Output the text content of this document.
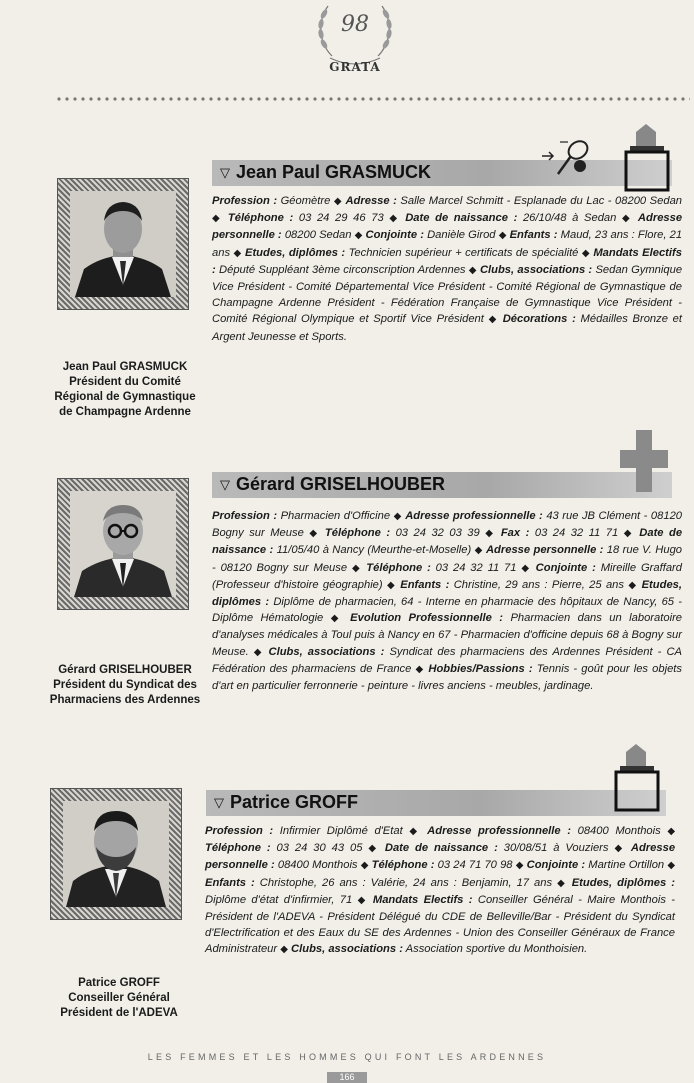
98
GRATA
Jean Paul GRASMUCK
Président du Comité
Régional de Gymnastique
de Champagne Ardenne
▽ Jean Paul GRASMUCK
Profession : Géomètre ◆ Adresse : Salle Marcel Schmitt - Esplanade du Lac - 08200 Sedan ◆ Téléphone : 03 24 29 46 73 ◆ Date de naissance : 26/10/48 à Sedan ◆ Adresse personnelle : 08200 Sedan ◆ Conjointe : Danièle Girod ◆ Enfants : Maud, 23 ans : Flore, 21 ans ◆ Etudes, diplômes : Technicien supérieur + certificats de spécialité ◆ Mandats Electifs : Député Suppléant 3ème circonscription Ardennes ◆ Clubs, associations : Sedan Gymnique Vice Président - Comité Départemental Vice Président - Comité Régional de Gymnastique de Champagne Ardenne Président - Fédération Française de Gymnastique Vice Président - Comité Régional Olympique et Sportif Vice Président ◆ Décorations : Médailles Bronze et Argent Jeunesse et Sports.
Gérard GRISELHOUBER
Président du Syndicat des
Pharmaciens des Ardennes
▽ Gérard GRISELHOUBER
Profession : Pharmacien d'Officine ◆ Adresse professionnelle : 43 rue JB Clément - 08120 Bogny sur Meuse ◆ Téléphone : 03 24 32 03 39 ◆ Fax : 03 24 32 11 71 ◆ Date de naissance : 11/05/40 à Nancy (Meurthe-et-Moselle) ◆ Adresse personnelle : 18 rue V. Hugo - 08120 Bogny sur Meuse ◆ Téléphone : 03 24 32 11 71 ◆ Conjointe : Mireille Graffard (Professeur d'histoire géographie) ◆ Enfants : Christine, 29 ans : Pierre, 25 ans ◆ Etudes, diplômes : Diplôme de pharmacien, 64 - Interne en pharmacie des hôpitaux de Nancy, 65 - Diplôme Hématologie ◆ Evolution Professionnelle : Pharmacien dans un laboratoire d'analyses médicales à Toul puis à Nancy en 67 - Pharmacien d'officine depuis 68 à Bogny sur Meuse. ◆ Clubs, associations : Syndicat des pharmaciens des Ardennes Président - CA Fédération des pharmaciens de France ◆ Hobbies/Passions : Tennis - goût pour les objets d'art en particulier ferronnerie - peinture - livres anciens - meubles, jardinage.
Patrice GROFF
Conseiller Général
Président de l'ADEVA
▽ Patrice GROFF
Profession : Infirmier Diplômé d'Etat ◆ Adresse professionnelle : 08400 Monthois ◆ Téléphone : 03 24 30 43 05 ◆ Date de naissance : 30/08/51 à Vouziers ◆ Adresse personnelle : 08400 Monthois ◆ Téléphone : 03 24 71 70 98 ◆ Conjointe : Martine Ortillon ◆ Enfants : Christophe, 26 ans : Valérie, 24 ans : Benjamin, 17 ans ◆ Etudes, diplômes : Diplôme d'état d'infirmier, 71 ◆ Mandats Electifs : Conseiller Général - Maire Monthois - Président de l'ADEVA - Président Délégué du CDE de Belleville/Bar - Président du Syndicat d'Electrification et des Eaux du SE des Ardennes - Union des Conseiller Généraux de France Administrateur ◆ Clubs, associations : Association sportive du Monthoisien.
LES FEMMES ET LES HOMMES QUI FONT LES ARDENNES
166
